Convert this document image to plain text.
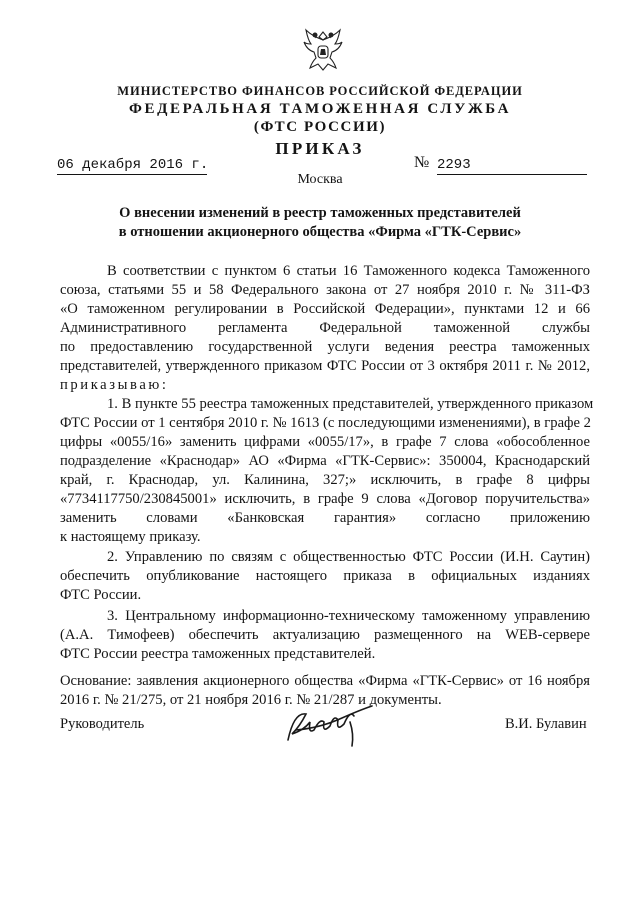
МИНИСТЕРСТВО ФИНАНСОВ РОССИЙСКОЙ ФЕДЕРАЦИИ
ФЕДЕРАЛЬНАЯ ТАМОЖЕННАЯ СЛУЖБА
(ФТС РОССИИ)
ПРИКАЗ
06 декабря 2016 г.	№ 2293
Москва
О внесении изменений в реестр таможенных представителей
в отношении акционерного общества «Фирма «ГТК-Сервис»
В соответствии с пунктом 6 статьи 16 Таможенного кодекса Таможенного
союза, статьями 55 и 58 Федерального закона от 27 ноября 2010 г. № 311-ФЗ
«О таможенном регулировании в Российской Федерации», пунктами 12 и 66
Административного регламента Федеральной таможенной службы
по предоставлению государственной услуги ведения реестра таможенных
представителей, утвержденного приказом ФТС России от 3 октября 2011 г. № 2012,
приказываю:
1. В пункте 55 реестра таможенных представителей, утвержденного приказом
ФТС России от 1 сентября 2010 г. № 1613 (с последующими изменениями), в графе 2
цифры «0055/16» заменить цифрами «0055/17», в графе 7 слова «обособленное
подразделение «Краснодар» АО «Фирма «ГТК-Сервис»: 350004, Краснодарский
край, г. Краснодар, ул. Калинина, 327;» исключить, в графе 8 цифры
«7734117750/230845001» исключить, в графе 9 слова «Договор поручительства»
заменить словами «Банковская гарантия» согласно приложению
к настоящему приказу.
2. Управлению по связям с общественностью ФТС России (И.Н. Саутин)
обеспечить опубликование настоящего приказа в официальных изданиях
ФТС России.
3. Центральному информационно-техническому таможенному управлению
(А.А. Тимофеев) обеспечить актуализацию размещенного на WEB-сервере
ФТС России реестра таможенных представителей.
Основание: заявления акционерного общества «Фирма «ГТК-Сервис» от 16 ноября
2016 г. № 21/275, от 21 ноября 2016 г. № 21/287 и документы.
Руководитель	В.И. Булавин
